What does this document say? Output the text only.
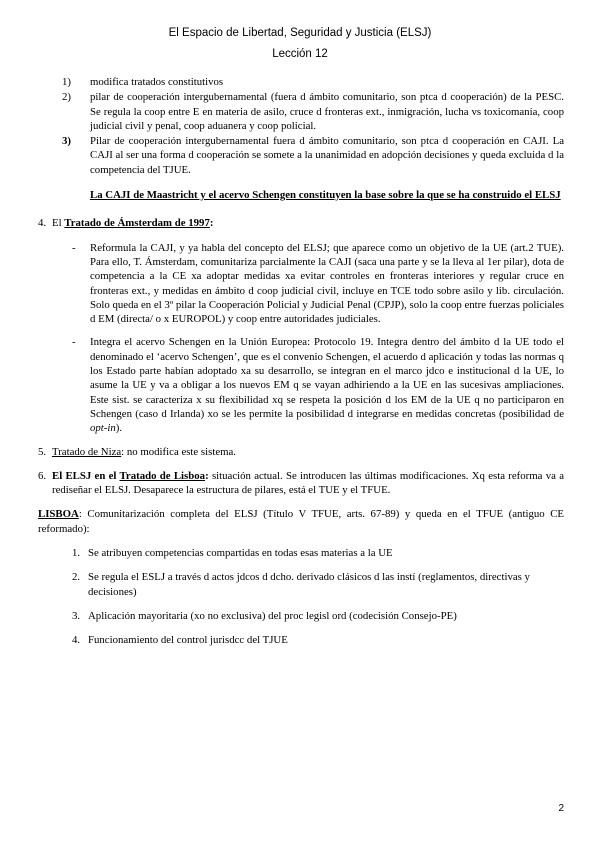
El Espacio de Libertad, Seguridad y Justicia (ELSJ)
Lección 12
1) modifica tratados constitutivos
2) pilar de cooperación intergubernamental (fuera d ámbito comunitario, son ptca d cooperación) de la PESC. Se regula la coop entre E en materia de asilo, cruce d fronteras ext., inmigración, lucha vs toxicomanía, coop judicial civil y penal, coop aduanera y coop policial.
3) Pilar de cooperación intergubernamental fuera d ámbito comunitario, son ptca d cooperación en CAJI. La CAJI al ser una forma d cooperación se somete a la unanimidad en adopción decisiones y queda excluida d la competencia del TJUE.
La CAJI de Maastricht y el acervo Schengen constituyen la base sobre la que se ha construido el ELSJ
4. El Tratado de Ámsterdam de 1997:
- Reformula la CAJI, y ya habla del concepto del ELSJ; que aparece como un objetivo de la UE (art.2 TUE). Para ello, T. Ámsterdam, comunitariza parcialmente la CAJI (saca una parte y se la lleva al 1er pilar), dota de competencia a la CE xa adoptar medidas xa evitar controles en fronteras interiores y regular cruce en fronteras ext., y medidas en ámbito d coop judicial civil, incluye en TCE todo sobre asilo y lib. circulación. Solo queda en el 3º pilar la Cooperación Policial y Judicial Penal (CPJP), solo la coop entre fuerzas policiales d EM (directa/ o x EUROPOL) y coop entre autoridades judiciales.
- Integra el acervo Schengen en la Unión Europea: Protocolo 19. Integra dentro del ámbito d la UE todo el denominado el ‘acervo Schengen’, que es el convenio Schengen, el acuerdo d aplicación y todas las normas q los Estado parte habían adoptado xa su desarrollo, se integran en el marco jdco e institucional d la UE, lo asume la UE y va a obligar a los nuevos EM q se vayan adhiriendo a la UE en las sucesivas ampliaciones. Este sist. se caracteriza x su flexibilidad xq se respeta la posición d los EM de la UE q no participaron en Schengen (caso d Irlanda) xo se les permite la posibilidad d integrarse en medidas concretas (posibilidad de opt-in).
5. Tratado de Niza: no modifica este sistema.
6. El ELSJ en el Tratado de Lisboa: situación actual. Se introducen las últimas modificaciones. Xq esta reforma va a rediseñar el ELSJ. Desaparece la estructura de pilares, está el TUE y el TFUE.
LISBOA: Comunitarización completa del ELSJ (Título V TFUE, arts. 67-89) y queda en el TFUE (antiguo CE reformado):
1. Se atribuyen competencias compartidas en todas esas materias a la UE
2. Se regula el ESLJ a través d actos jdcos d dcho. derivado clásicos d las instí (reglamentos, directivas y decisiones)
3. Aplicación mayoritaria (xo no exclusiva) del proc legisl ord (codecisión Consejo-PE)
4. Funcionamiento del control jurisdcc del TJUE
2
